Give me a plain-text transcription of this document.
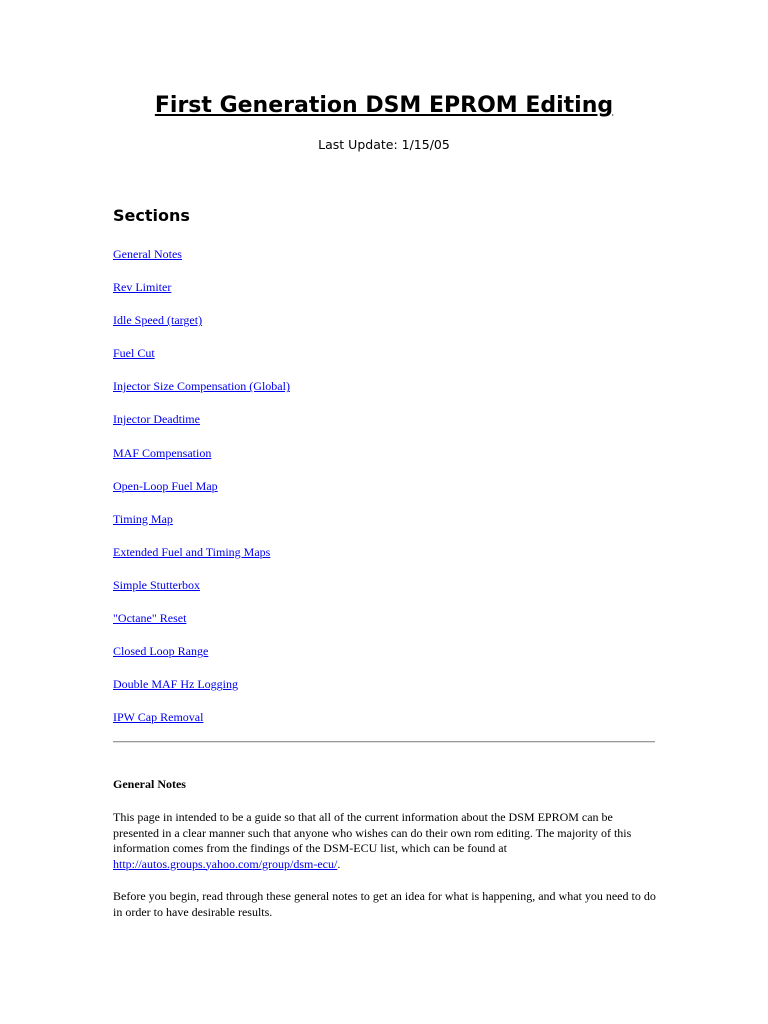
First Generation DSM EPROM Editing
Last Update: 1/15/05
Sections
General Notes
Rev Limiter
Idle Speed (target)
Fuel Cut
Injector Size Compensation (Global)
Injector Deadtime
MAF Compensation
Open-Loop Fuel Map
Timing Map
Extended Fuel and Timing Maps
Simple Stutterbox
"Octane" Reset
Closed Loop Range
Double MAF Hz Logging
IPW Cap Removal
General Notes

This page in intended to be a guide so that all of the current information about the DSM EPROM can be presented in a clear manner such that anyone who wishes can do their own rom editing. The majority of this information comes from the findings of the DSM-ECU list, which can be found at http://autos.groups.yahoo.com/group/dsm-ecu/.

Before you begin, read through these general notes to get an idea for what is happening, and what you need to do in order to have desirable results.
